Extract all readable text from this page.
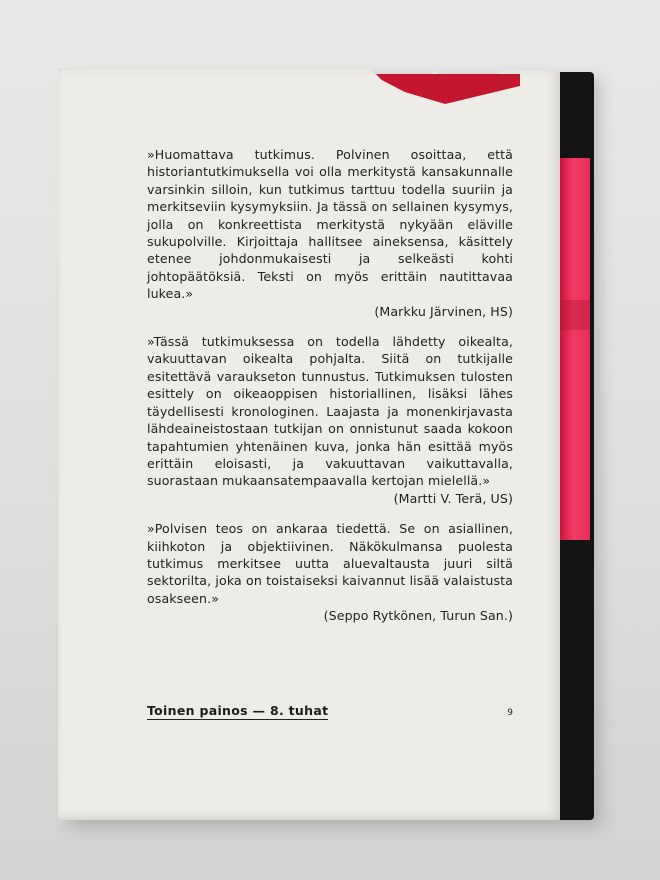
»Huomattava tutkimus. Polvinen osoittaa, että historiantutkimuksella voi olla merkitystä kansakunnalle varsinkin silloin, kun tutkimus tarttuu todella suuriin ja merkitseviin kysymyksiin. Ja tässä on sellainen kysymys, jolla on konkreettista merkitystä nykyään eläville sukupolville. Kirjoittaja hallitsee aineksensa, käsittely etenee johdonmukaisesti ja selkeästi kohti johtopäätöksiä. Teksti on myös erittäin nautittavaa lukea.»
(Markku Järvinen, HS)

»Tässä tutkimuksessa on todella lähdetty oikealta, vakuuttavan oikealta pohjalta. Siitä on tutkijalle esitettävä varaukseton tunnustus. Tutkimuksen tulosten esittely on oikeaoppisen historiallinen, lisäksi lähes täydellisesti kronologinen. Laajasta ja monenkirjavasta lähdeaineistostaan tutkijan on onnistunut saada kokoon tapahtumien yhtenäinen kuva, jonka hän esittää myös erittäin eloisasti, ja vakuuttavan vaikuttavalla, suorastaan mukaansatempaavalla kertojan mielellä.»
(Martti V. Terä, US)

»Polvisen teos on ankaraa tiedettä. Se on asiallinen, kiihkoton ja objektiivinen. Näkökulmansa puolesta tutkimus merkitsee uutta aluevaltausta juuri siltä sektorilta, joka on toistaiseksi kaivannut lisää valaistusta osakseen.»
(Seppo Rytkönen, Turun San.)

Toinen painos — 8. tuhat	9
